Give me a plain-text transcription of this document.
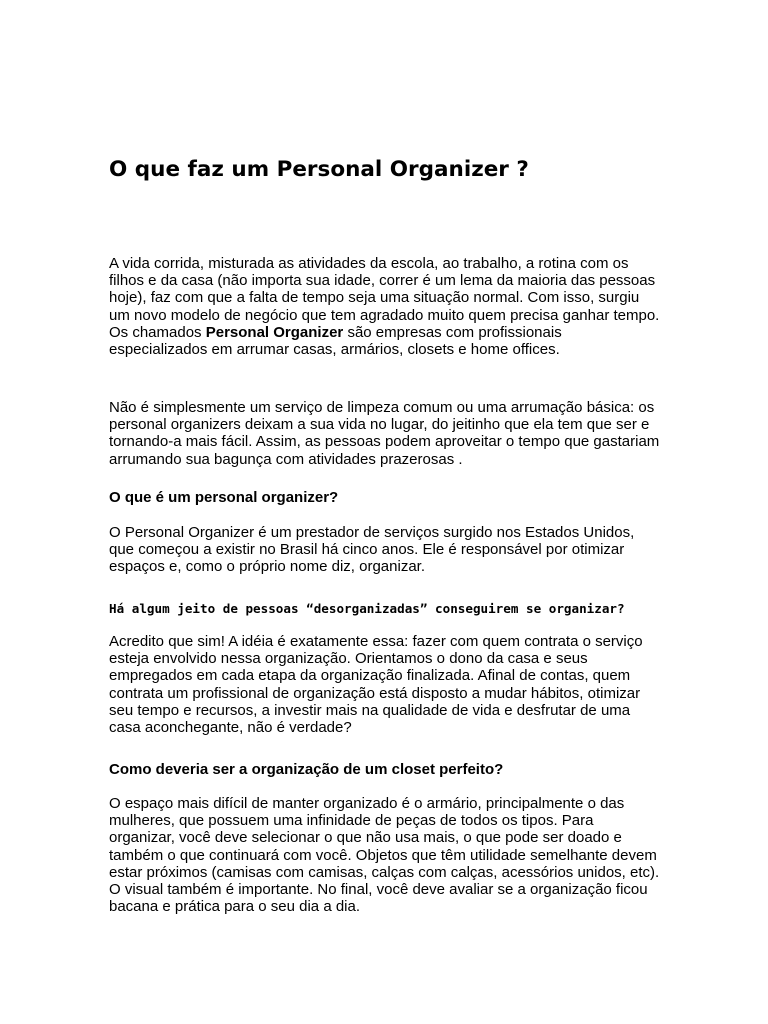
O que faz um Personal Organizer ?

A vida corrida, misturada as atividades da escola, ao trabalho, a rotina com os filhos e da casa (não importa sua idade, correr é um lema da maioria das pessoas hoje), faz com que a falta de tempo seja uma situação normal. Com isso, surgiu um novo modelo de negócio que tem agradado muito quem precisa ganhar tempo. Os chamados Personal Organizer são empresas com profissionais especializados em arrumar casas, armários, closets e home offices.

Não é simplesmente um serviço de limpeza comum ou uma arrumação básica: os personal organizers deixam a sua vida no lugar, do jeitinho que ela tem que ser e tornando-a mais fácil. Assim, as pessoas podem aproveitar o tempo que gastariam arrumando sua bagunça com atividades prazerosas .

O que é um personal organizer?

O Personal Organizer é um prestador de serviços surgido nos Estados Unidos, que começou a existir no Brasil há cinco anos. Ele é responsável por otimizar espaços e, como o próprio nome diz, organizar.

Há algum jeito de pessoas “desorganizadas” conseguirem se organizar?

Acredito que sim! A idéia é exatamente essa: fazer com quem contrata o serviço esteja envolvido nessa organização. Orientamos o dono da casa e seus empregados em cada etapa da organização finalizada. Afinal de contas, quem contrata um profissional de organização está disposto a mudar hábitos, otimizar seu tempo e recursos, a investir mais na qualidade de vida e desfrutar de uma casa aconchegante, não é verdade?

Como deveria ser a organização de um closet perfeito?

O espaço mais difícil de manter organizado é o armário, principalmente o das mulheres, que possuem uma infinidade de peças de todos os tipos. Para organizar, você deve selecionar o que não usa mais, o que pode ser doado e também o que continuará com você. Objetos que têm utilidade semelhante devem estar próximos (camisas com camisas, calças com calças, acessórios unidos, etc). O visual também é importante. No final, você deve avaliar se a organização ficou bacana e prática para o seu dia a dia.
